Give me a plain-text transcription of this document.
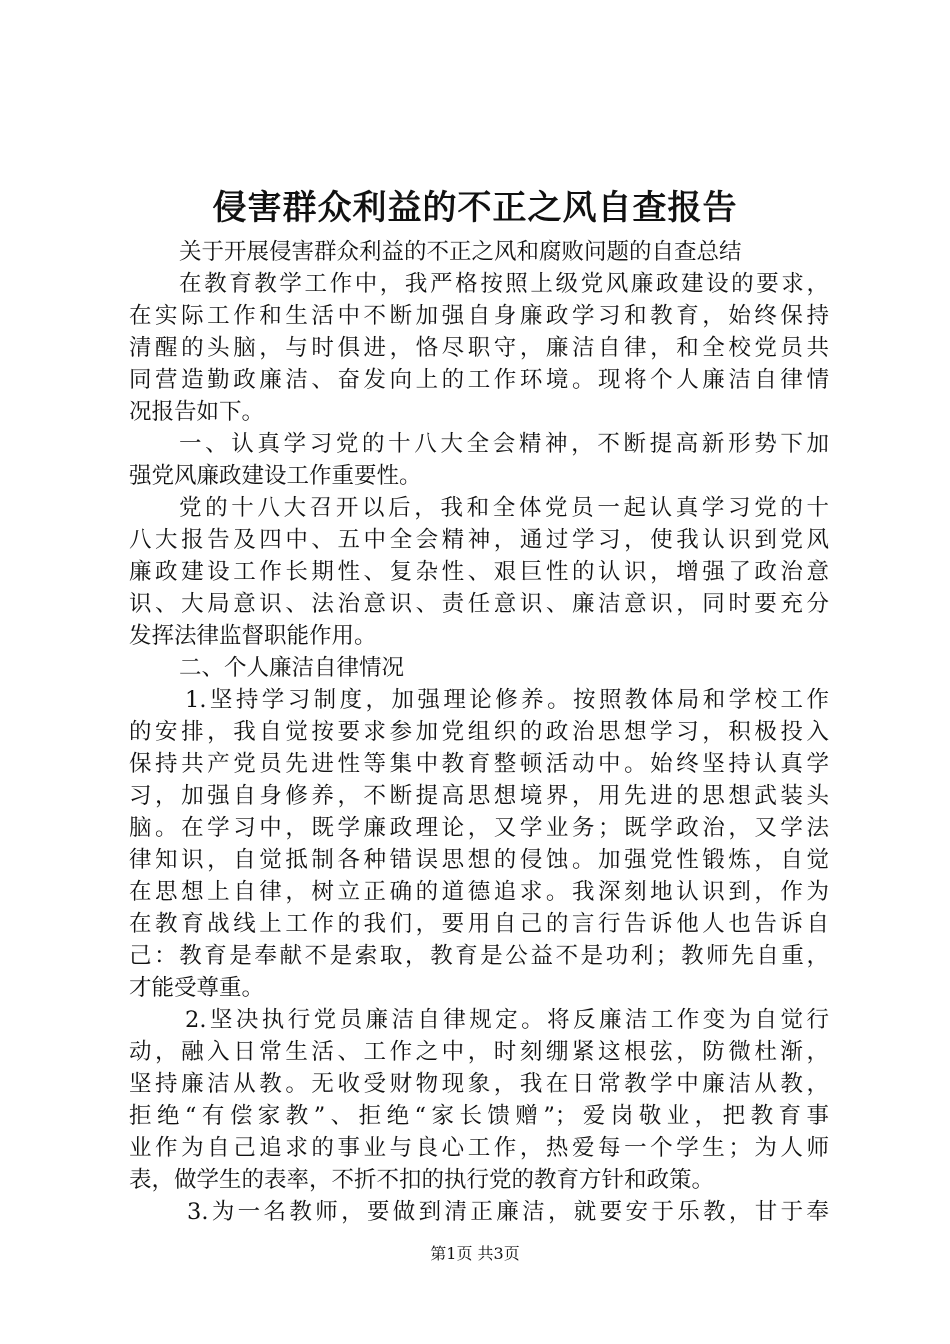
侵害群众利益的不正之风自查报告
关于开展侵害群众利益的不正之风和腐败问题的自查总结
在教育教学工作中，我严格按照上级党风廉政建设的要求，
在实际工作和生活中不断加强自身廉政学习和教育，始终保持
清醒的头脑，与时俱进，恪尽职守，廉洁自律，和全校党员共
同营造勤政廉洁、奋发向上的工作环境。现将个人廉洁自律情
况报告如下。
一、认真学习党的十八大全会精神，不断提高新形势下加
强党风廉政建设工作重要性。
党的十八大召开以后，我和全体党员一起认真学习党的十
八大报告及四中、五中全会精神，通过学习，使我认识到党风
廉政建设工作长期性、复杂性、艰巨性的认识，增强了政治意
识、大局意识、法治意识、责任意识、廉洁意识，同时要充分
发挥法律监督职能作用。
二、个人廉洁自律情况
1.坚持学习制度，加强理论修养。按照教体局和学校工作
的安排，我自觉按要求参加党组织的政治思想学习，积极投入
保持共产党员先进性等集中教育整顿活动中。始终坚持认真学
习，加强自身修养，不断提高思想境界，用先进的思想武装头
脑。在学习中，既学廉政理论，又学业务；既学政治，又学法
律知识，自觉抵制各种错误思想的侵蚀。加强党性锻炼，自觉
在思想上自律，树立正确的道德追求。我深刻地认识到，作为
在教育战线上工作的我们，要用自己的言行告诉他人也告诉自
己：教育是奉献不是索取，教育是公益不是功利；教师先自重，
才能受尊重。
2.坚决执行党员廉洁自律规定。将反廉洁工作变为自觉行
动，融入日常生活、工作之中，时刻绷紧这根弦，防微杜渐，
坚持廉洁从教。无收受财物现象，我在日常教学中廉洁从教，
拒绝“有偿家教”、拒绝“家长馈赠”；爱岗敬业，把教育事
业作为自己追求的事业与良心工作，热爱每一个学生；为人师
表，做学生的表率，不折不扣的执行党的教育方针和政策。
3.为一名教师，要做到清正廉洁，就要安于乐教，甘于奉
第1页 共3页
